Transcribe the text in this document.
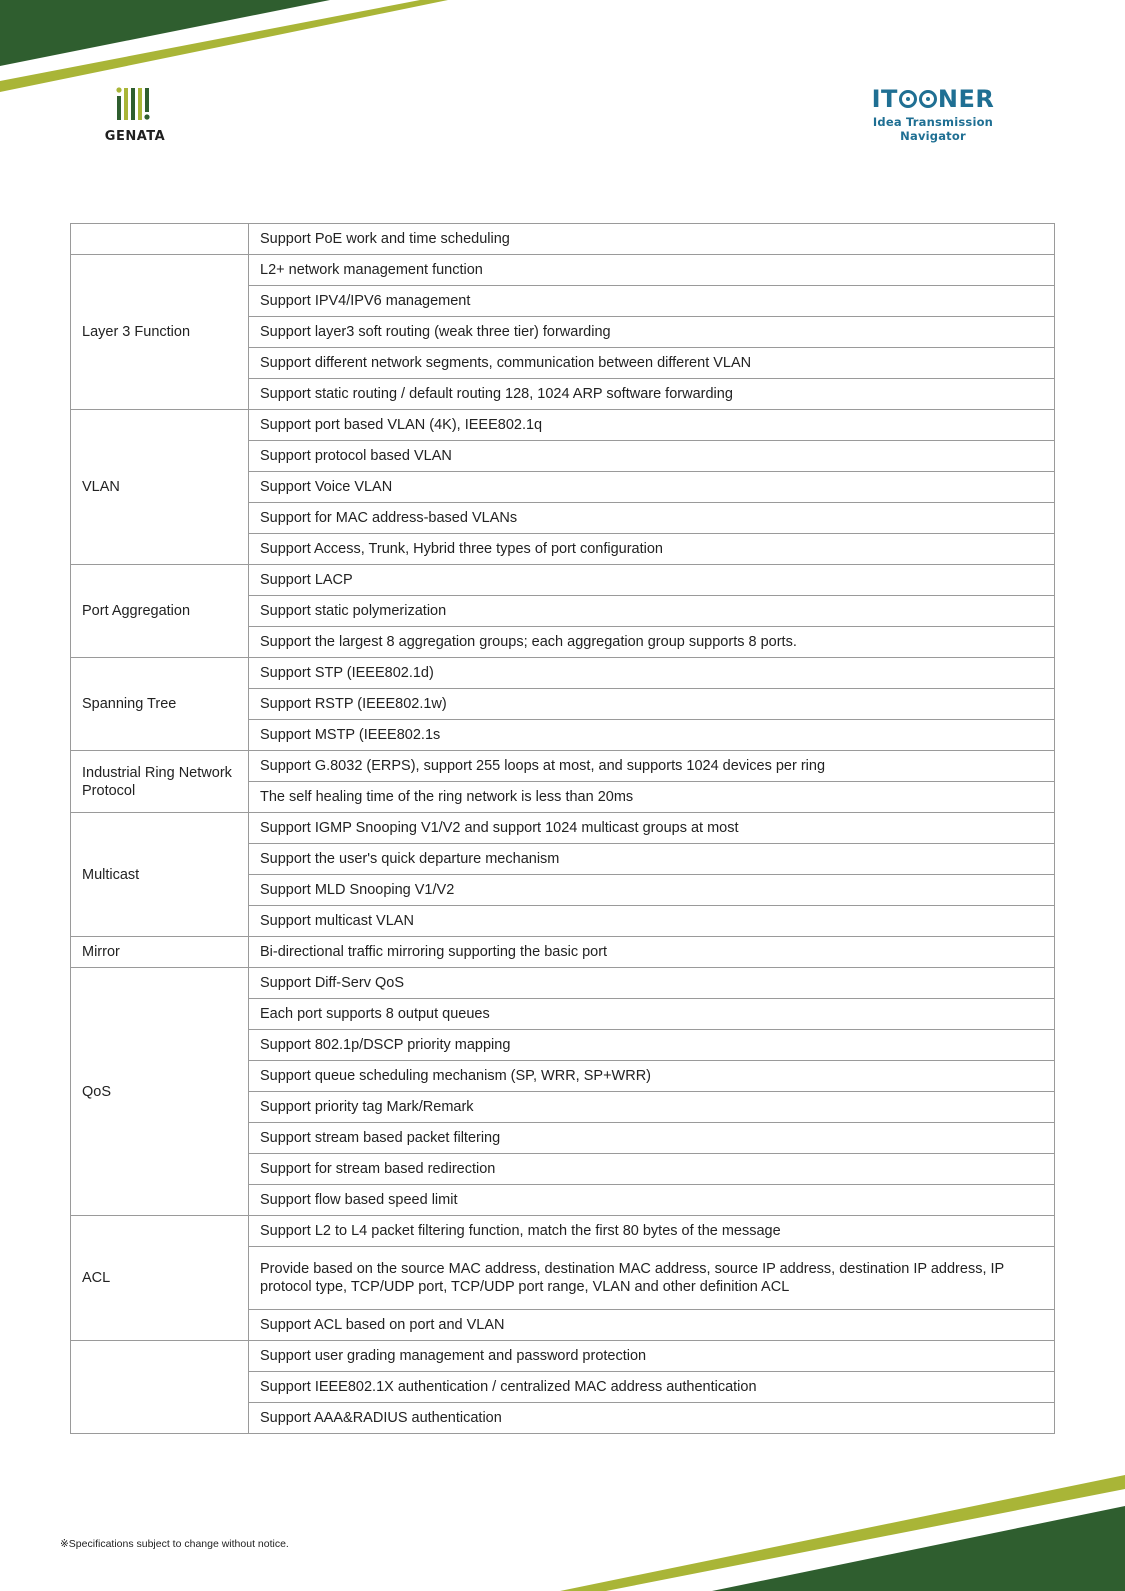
GENATA
IT NER
Idea Transmission Navigator
	Support PoE work and time scheduling
Layer 3 Function	L2+ network management function
	Support IPV4/IPV6 management
	Support layer3 soft routing (weak three tier) forwarding
	Support different network segments, communication between different VLAN
	Support static routing / default routing 128, 1024 ARP software forwarding
VLAN	Support port based VLAN (4K), IEEE802.1q
	Support protocol based VLAN
	Support Voice VLAN
	Support for MAC address-based VLANs
	Support Access, Trunk, Hybrid three types of port configuration
Port Aggregation	Support LACP
	Support static polymerization
	Support the largest 8 aggregation groups; each aggregation group supports 8 ports.
Spanning Tree	Support STP (IEEE802.1d)
	Support RSTP (IEEE802.1w)
	Support MSTP (IEEE802.1s
Industrial Ring Network Protocol	Support G.8032 (ERPS), support 255 loops at most, and supports 1024 devices per ring
	The self healing time of the ring network is less than 20ms
Multicast	Support IGMP Snooping V1/V2 and support 1024 multicast groups at most
	Support the user's quick departure mechanism
	Support MLD Snooping V1/V2
	Support multicast VLAN
Mirror	Bi-directional traffic mirroring supporting the basic port
QoS	Support Diff-Serv QoS
	Each port supports 8 output queues
	Support 802.1p/DSCP priority mapping
	Support queue scheduling mechanism (SP, WRR, SP+WRR)
	Support priority tag Mark/Remark
	Support stream based packet filtering
	Support for stream based redirection
	Support flow based speed limit
ACL	Support L2 to L4 packet filtering function, match the first 80 bytes of the message
	Provide based on the source MAC address, destination MAC address, source IP address, destination IP address, IP protocol type, TCP/UDP port, TCP/UDP port range, VLAN and other definition ACL
	Support ACL based on port and VLAN
	Support user grading management and password protection
	Support IEEE802.1X authentication / centralized MAC address authentication
	Support AAA&RADIUS authentication
※Specifications subject to change without notice.
